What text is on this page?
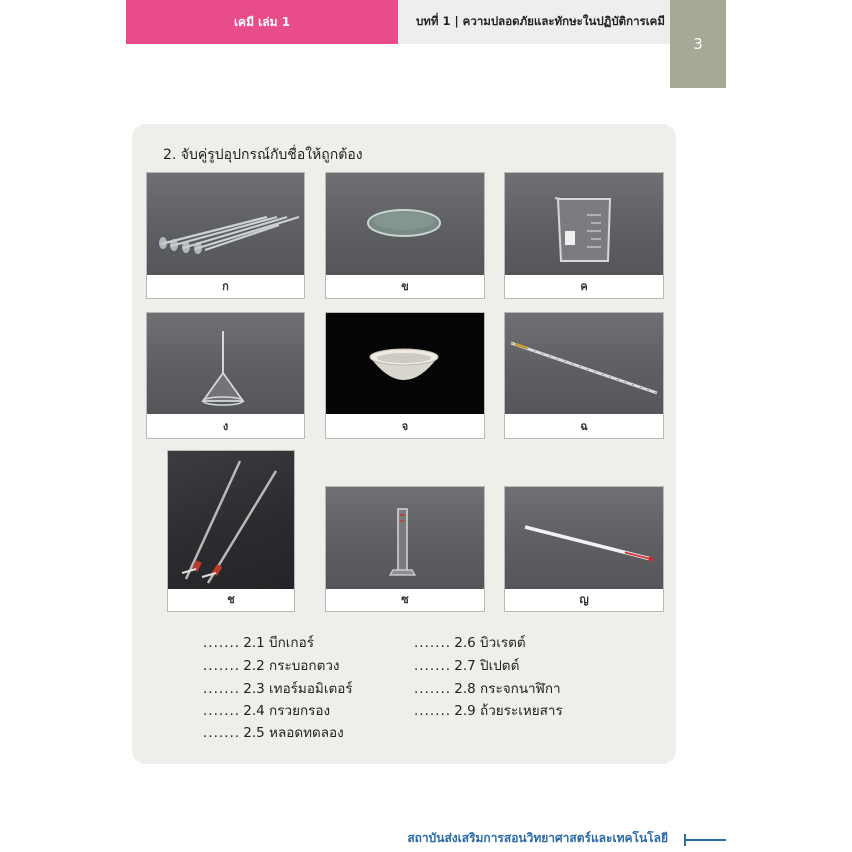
เคมี เล่ม 1	บทที่ 1 | ความปลอดภัยและทักษะในปฏิบัติการเคมี
3
2. จับคู่รูปอุปกรณ์กับชื่อให้ถูกต้อง
ก	ข	ค
ง	จ	ฉ
ช	ซ	ญ
....... 2.1 บีกเกอร์
....... 2.2 กระบอกตวง
....... 2.3 เทอร์มอมิเตอร์
....... 2.4 กรวยกรอง
....... 2.5 หลอดทดลอง
....... 2.6 บิวเรตต์
....... 2.7 ปิเปตต์
....... 2.8 กระจกนาฬิกา
....... 2.9 ถ้วยระเหยสาร
สถาบันส่งเสริมการสอนวิทยาศาสตร์และเทคโนโลยี
